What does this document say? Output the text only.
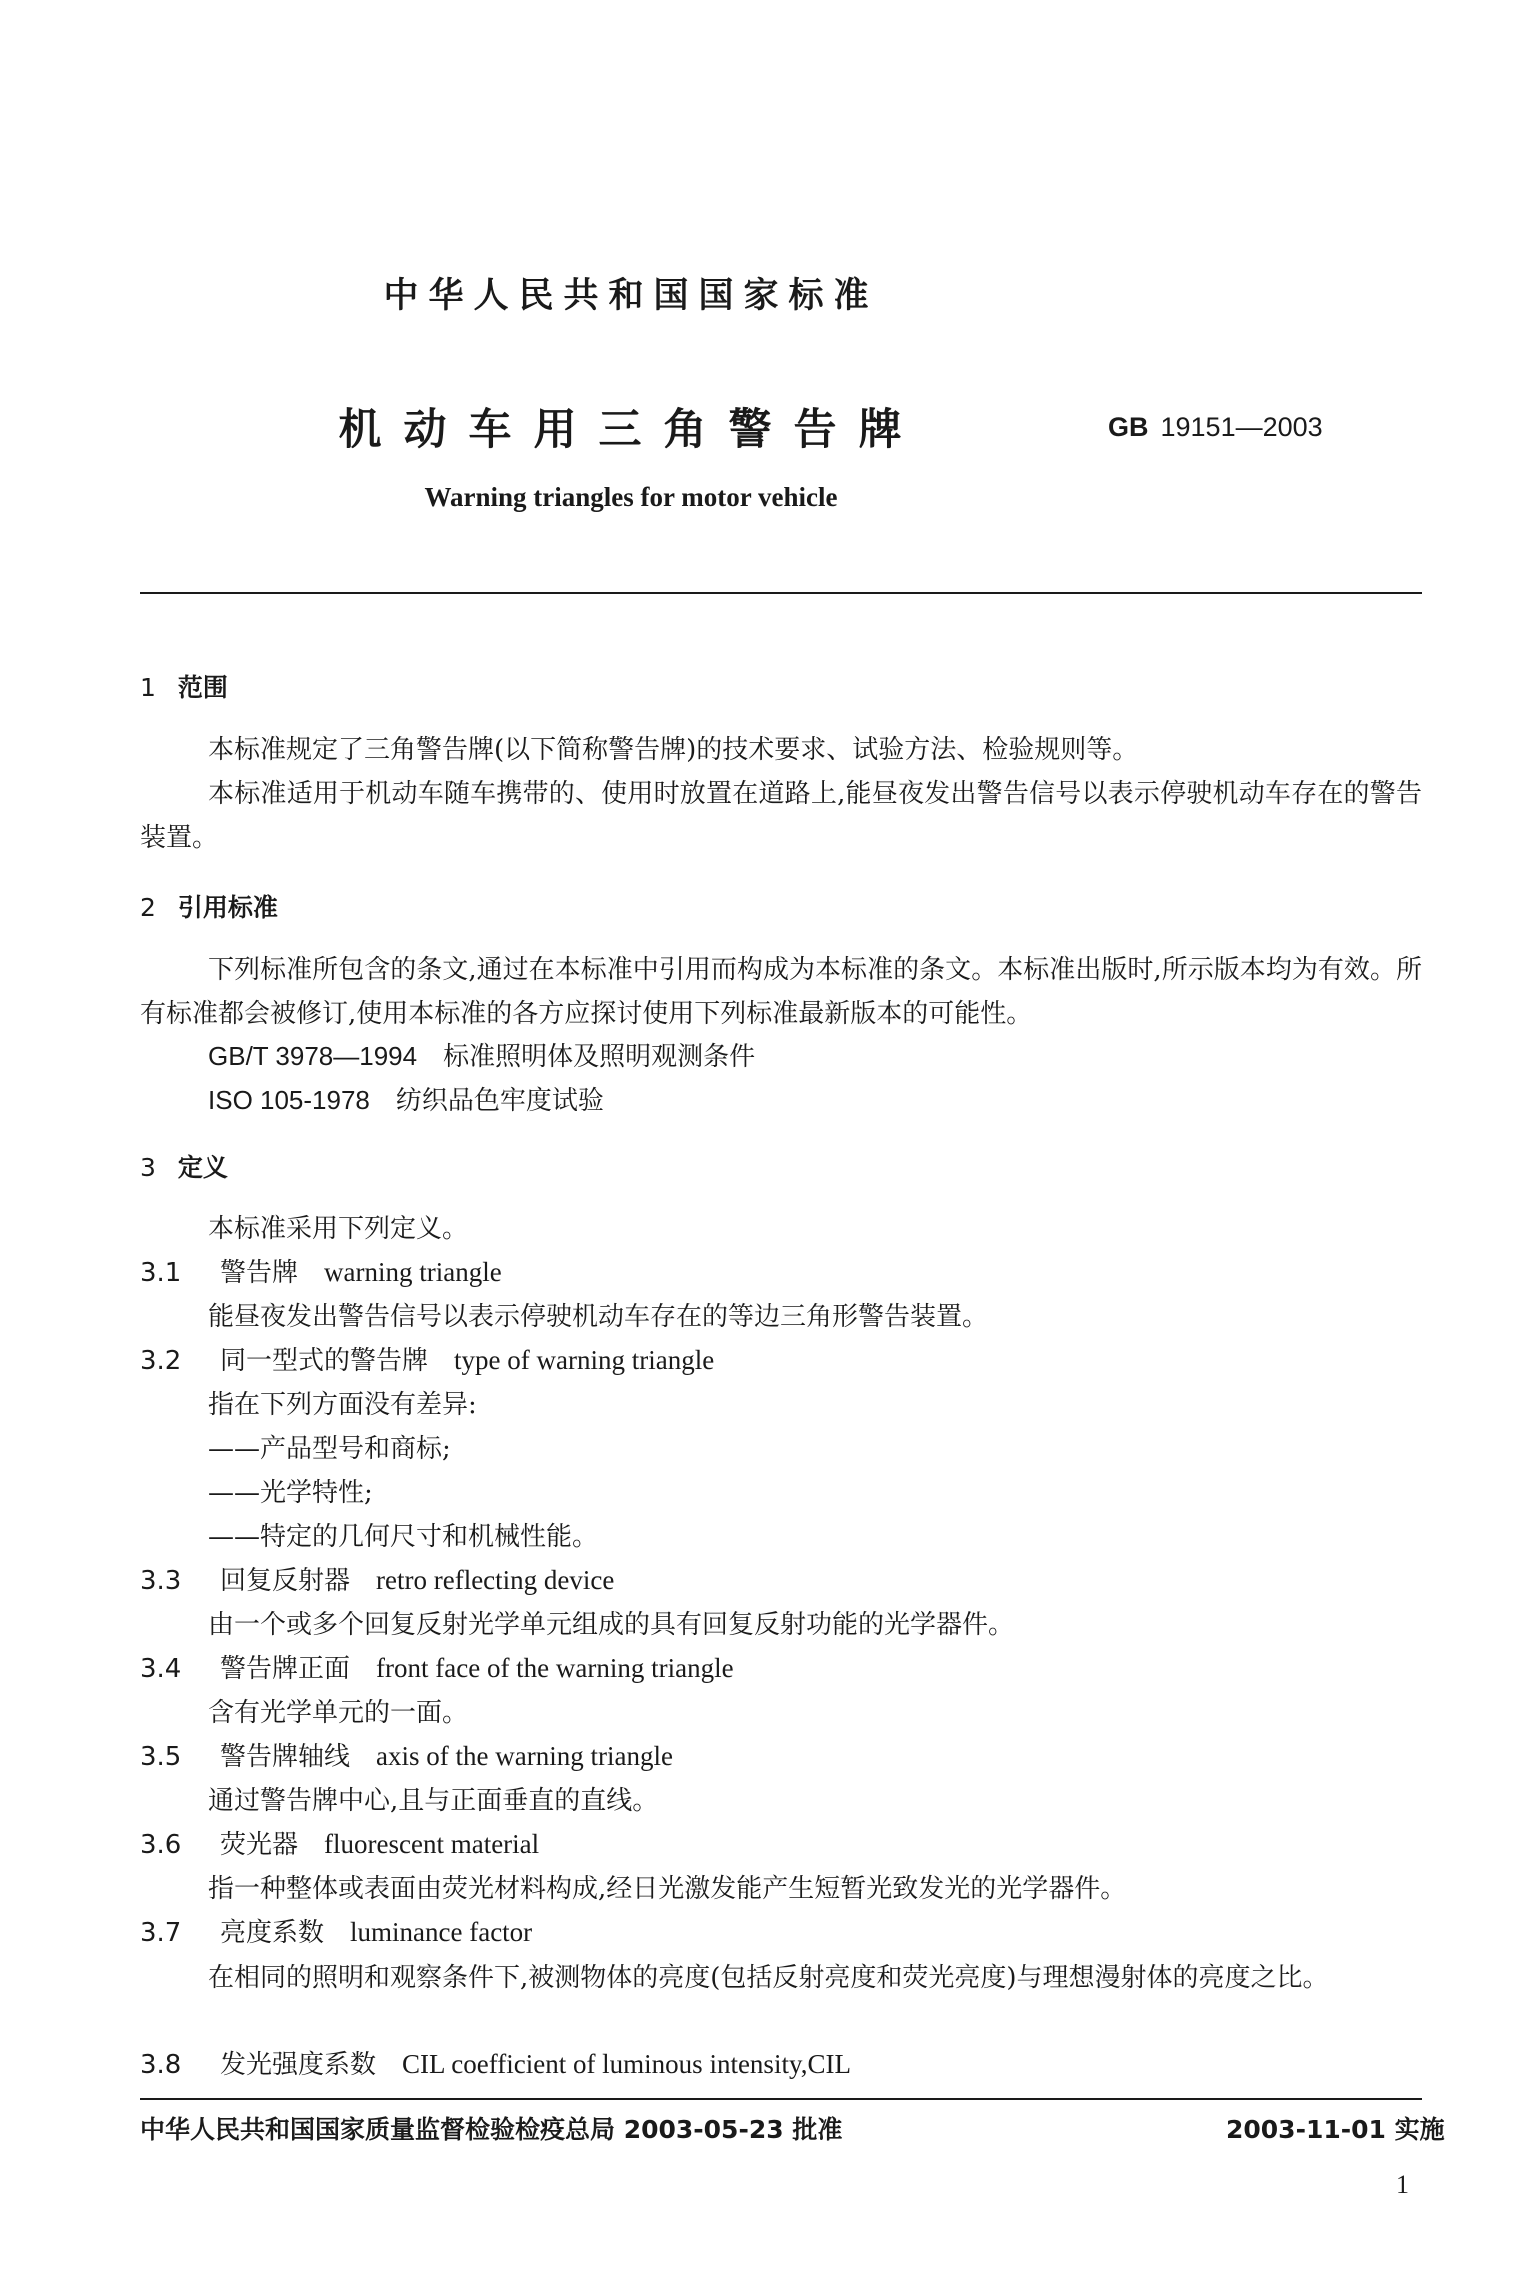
中华人民共和国国家标准
机动车用三角警告牌	GB 19151—2003
Warning triangles for motor vehicle
1 范围
本标准规定了三角警告牌(以下简称警告牌)的技术要求、试验方法、检验规则等。
本标准适用于机动车随车携带的、使用时放置在道路上,能昼夜发出警告信号以表示停驶机动车存在的警告装置。
2 引用标准
下列标准所包含的条文,通过在本标准中引用而构成为本标准的条文。本标准出版时,所示版本均为有效。所有标准都会被修订,使用本标准的各方应探讨使用下列标准最新版本的可能性。
GB/T 3978—1994 标准照明体及照明观测条件
ISO 105-1978 纺织品色牢度试验
3 定义
本标准采用下列定义。
3.1 警告牌 warning triangle
能昼夜发出警告信号以表示停驶机动车存在的等边三角形警告装置。
3.2 同一型式的警告牌 type of warning triangle
指在下列方面没有差异:
——产品型号和商标;
——光学特性;
——特定的几何尺寸和机械性能。
3.3 回复反射器 retro reflecting device
由一个或多个回复反射光学单元组成的具有回复反射功能的光学器件。
3.4 警告牌正面 front face of the warning triangle
含有光学单元的一面。
3.5 警告牌轴线 axis of the warning triangle
通过警告牌中心,且与正面垂直的直线。
3.6 荧光器 fluorescent material
指一种整体或表面由荧光材料构成,经日光激发能产生短暂光致发光的光学器件。
3.7 亮度系数 luminance factor
在相同的照明和观察条件下,被测物体的亮度(包括反射亮度和荧光亮度)与理想漫射体的亮度之比。
3.8 发光强度系数 CIL coefficient of luminous intensity,CIL
中华人民共和国国家质量监督检验检疫总局 2003-05-23 批准	2003-11-01 实施
1
